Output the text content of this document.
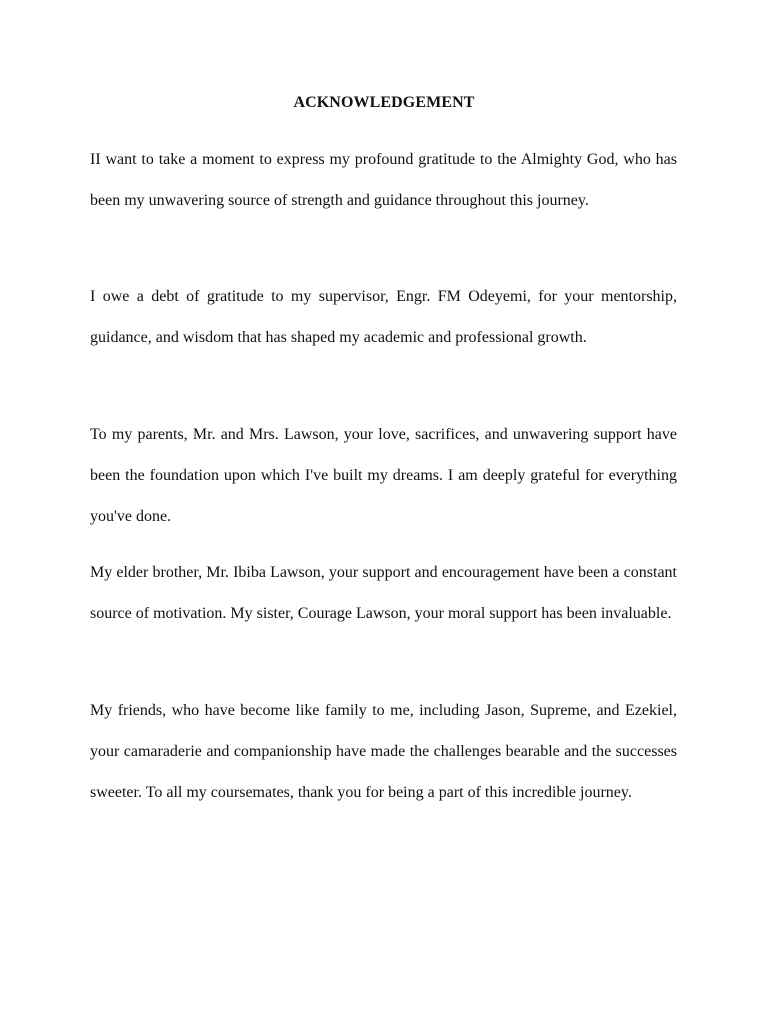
ACKNOWLEDGEMENT

II want to take a moment to express my profound gratitude to the Almighty God, who has been my unwavering source of strength and guidance throughout this journey.

I owe a debt of gratitude to my supervisor, Engr. FM Odeyemi, for your mentorship, guidance, and wisdom that has shaped my academic and professional growth.

To my parents, Mr. and Mrs. Lawson, your love, sacrifices, and unwavering support have been the foundation upon which I've built my dreams. I am deeply grateful for everything you've done.

My elder brother, Mr. Ibiba Lawson, your support and encouragement have been a constant source of motivation. My sister, Courage Lawson, your moral support has been invaluable.

My friends, who have become like family to me, including Jason, Supreme, and Ezekiel, your camaraderie and companionship have made the challenges bearable and the successes sweeter. To all my coursemates, thank you for being a part of this incredible journey.
